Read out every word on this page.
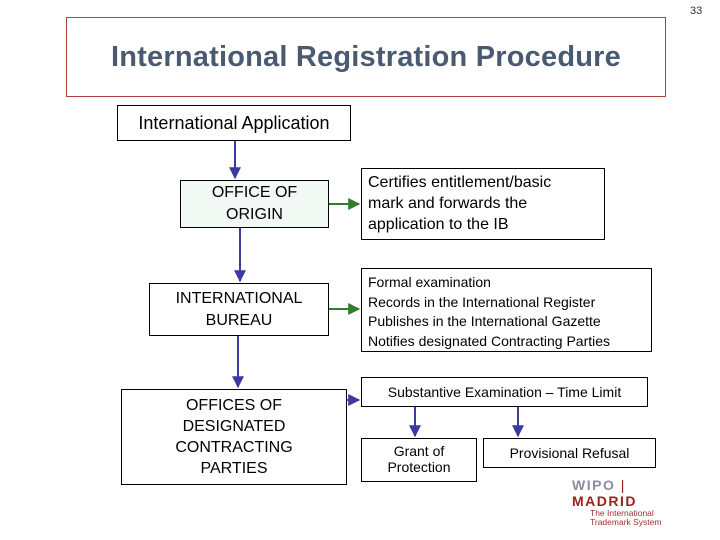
33
International Registration Procedure
International Application
OFFICE OF
ORIGIN
INTERNATIONAL
BUREAU
OFFICES OF
DESIGNATED
CONTRACTING
PARTIES
Certifies entitlement/basic
mark and forwards the
application to the IB
Formal examination
Records in the International Register
Publishes in the International Gazette
Notifies designated Contracting Parties
Substantive Examination – Time Limit
Grant of
Protection
Provisional Refusal
WIPO | MADRID
The International
Trademark System
